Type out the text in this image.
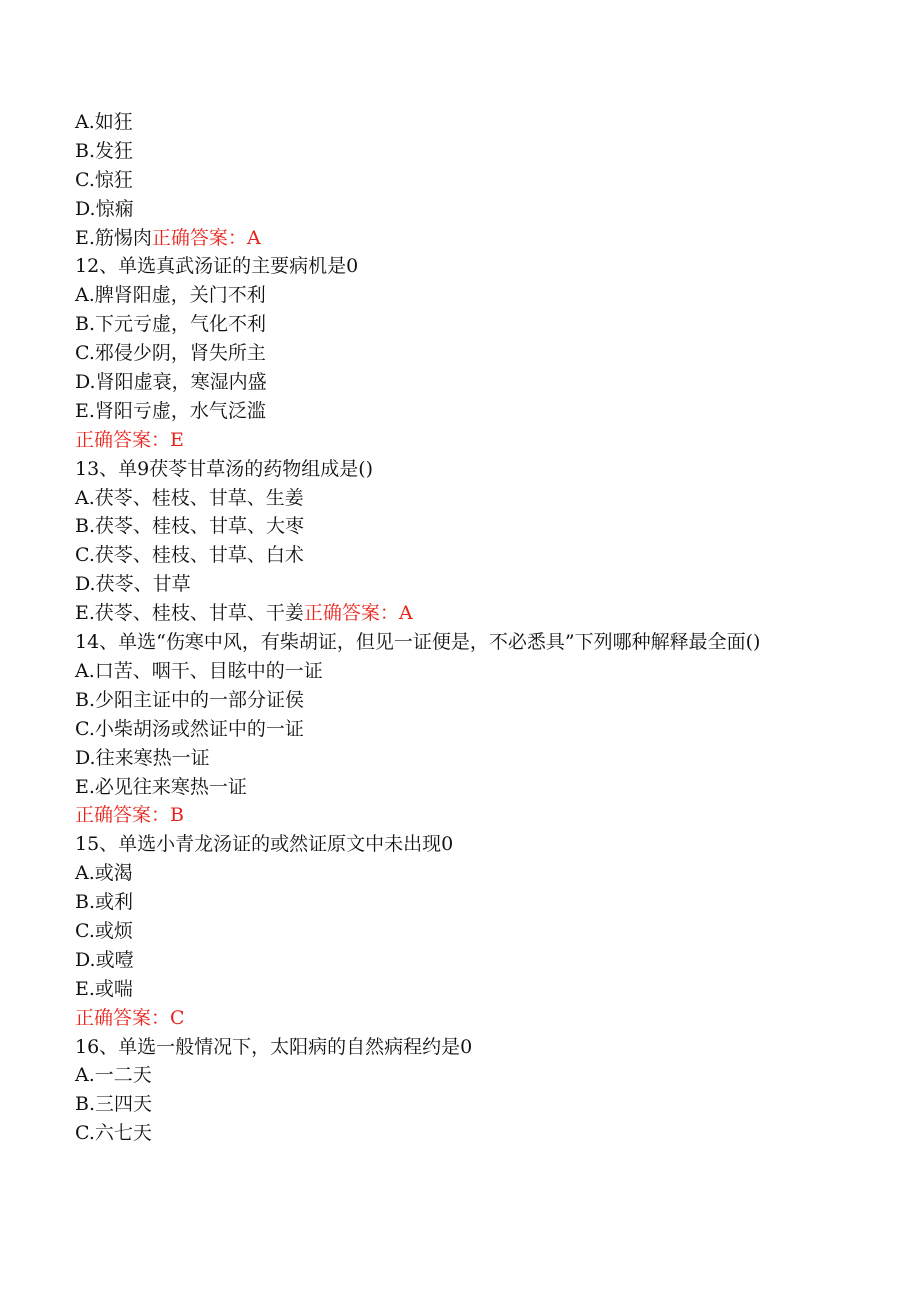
A.如狂
B.发狂
C.惊狂
D.惊痫
E.筋惕肉正确答案：A
12、单选真武汤证的主要病机是0
A.脾肾阳虚，关门不利
B.下元亏虚，气化不利
C.邪侵少阴，肾失所主
D.肾阳虚衰，寒湿内盛
E.肾阳亏虚，水气泛滥
正确答案：E
13、单9茯苓甘草汤的药物组成是()
A.茯苓、桂枝、甘草、生姜
B.茯苓、桂枝、甘草、大枣
C.茯苓、桂枝、甘草、白术
D.茯苓、甘草
E.茯苓、桂枝、甘草、干姜正确答案：A
14、单选“伤寒中风，有柴胡证，但见一证便是，不必悉具”下列哪种解释最全面()
A.口苦、咽干、目眩中的一证
B.少阳主证中的一部分证侯
C.小柴胡汤或然证中的一证
D.往来寒热一证
E.必见往来寒热一证
正确答案：B
15、单选小青龙汤证的或然证原文中未出现0
A.或渴
B.或利
C.或烦
D.或噎
E.或喘
正确答案：C
16、单选一般情况下，太阳病的自然病程约是0
A.一二天
B.三四天
C.六七天
